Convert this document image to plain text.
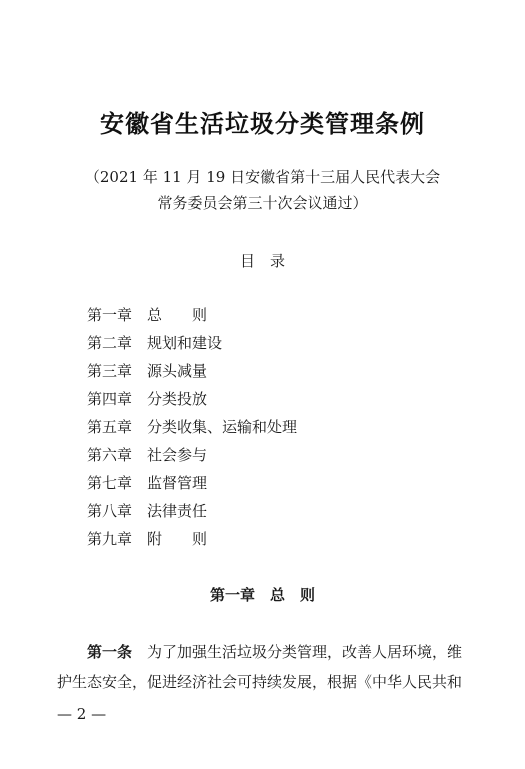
安徽省生活垃圾分类管理条例
（2021 年 11 月 19 日安徽省第十三届人民代表大会
常务委员会第三十次会议通过）
目　录
第一章 总　　则
第二章 规划和建设
第三章 源头减量
第四章 分类投放
第五章 分类收集、运输和处理
第六章 社会参与
第七章 监督管理
第八章 法律责任
第九章 附　　则
第一章　总　则

第一条　为了加强生活垃圾分类管理，改善人居环境，维

护生态安全，促进经济社会可持续发展，根据《中华人民共和

— 2 —
